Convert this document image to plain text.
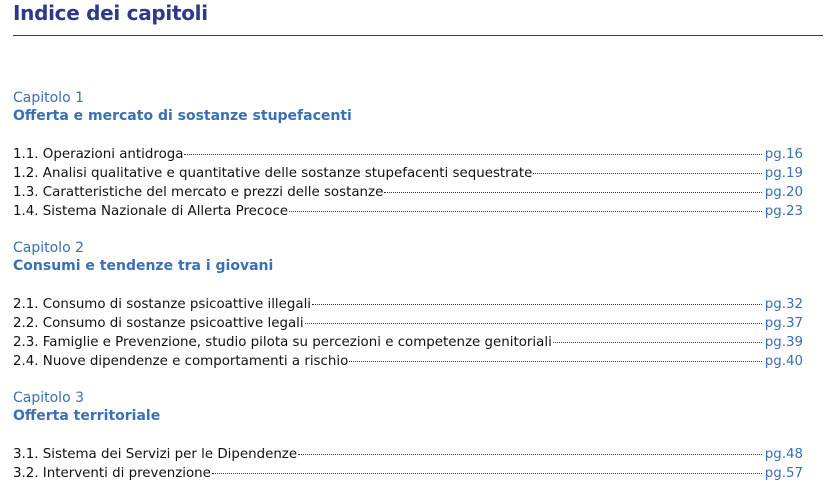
Indice dei capitoli
Capitolo 1
Offerta e mercato di sostanze stupefacenti
1.1. Operazioni antidroga	pg.16
1.2. Analisi qualitative e quantitative delle sostanze stupefacenti sequestrate	pg.19
1.3. Caratteristiche del mercato e prezzi delle sostanze	pg.20
1.4. Sistema Nazionale di Allerta Precoce	pg.23
Capitolo 2
Consumi e tendenze tra i giovani
2.1. Consumo di sostanze psicoattive illegali	pg.32
2.2. Consumo di sostanze psicoattive legali	pg.37
2.3. Famiglie e Prevenzione, studio pilota su percezioni e competenze genitoriali	pg.39
2.4. Nuove dipendenze e comportamenti a rischio	pg.40
Capitolo 3
Offerta territoriale
3.1. Sistema dei Servizi per le Dipendenze	pg.48
3.2. Interventi di prevenzione	pg.57
